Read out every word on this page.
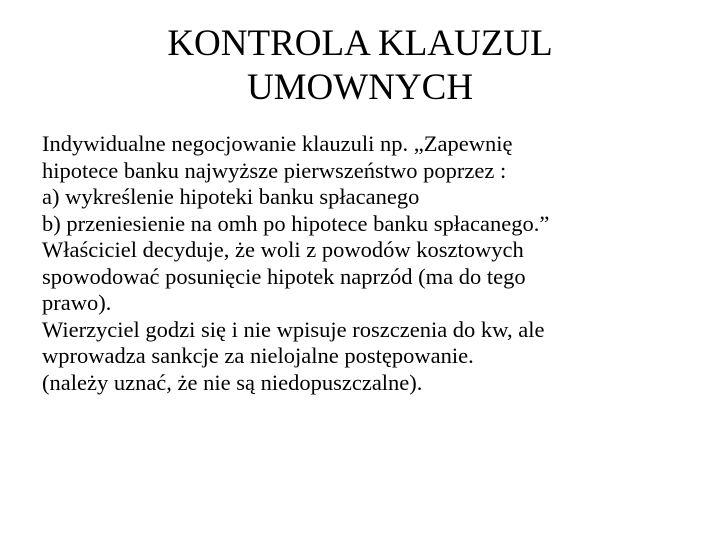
KONTROLA KLAUZUL
UMOWNYCH
Indywidualne negocjowanie klauzuli np. „Zapewnię
hipotece banku najwyższe pierwszeństwo poprzez :
a) wykreślenie hipoteki banku spłacanego
b) przeniesienie na omh po hipotece banku spłacanego.”
Właściciel decyduje, że woli z powodów kosztowych
spowodować posunięcie hipotek naprzód (ma do tego
prawo).
Wierzyciel godzi się i nie wpisuje roszczenia do kw, ale
wprowadza sankcje za nielojalne postępowanie.
(należy uznać, że nie są niedopuszczalne).
